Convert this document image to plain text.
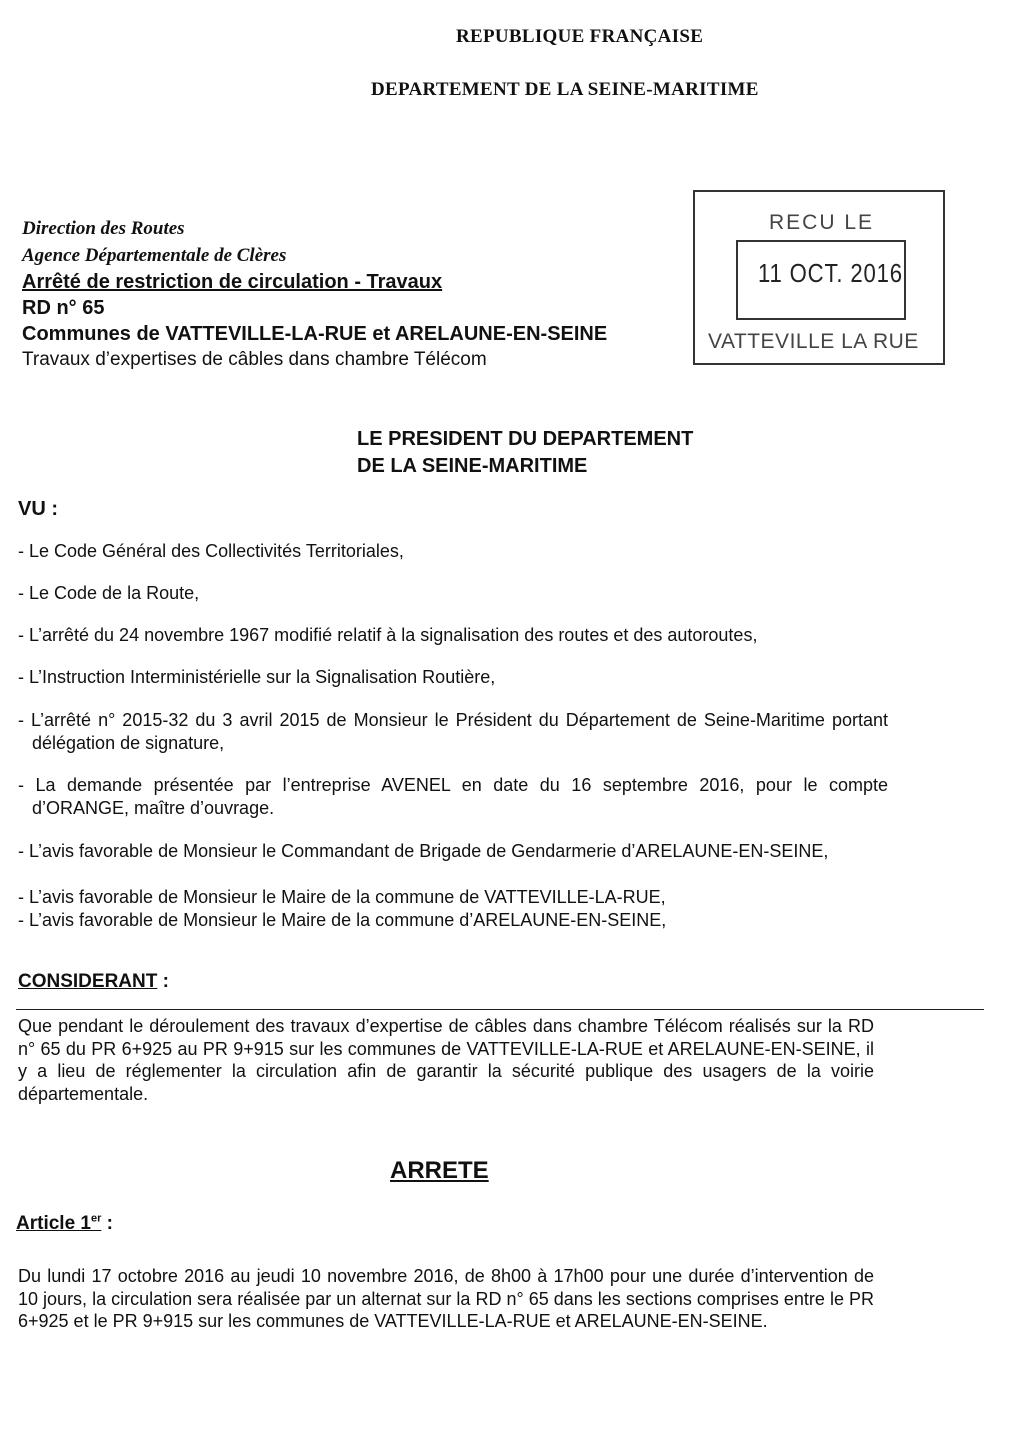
REPUBLIQUE FRANÇAISE
DEPARTEMENT DE LA SEINE-MARITIME
Direction des Routes
Agence Départementale de Clères
Arrêté de restriction de circulation - Travaux
RD n° 65
Communes de VATTEVILLE-LA-RUE et ARELAUNE-EN-SEINE
Travaux d’expertises de câbles dans chambre Télécom
RECU LE
11 OCT. 2016
VATTEVILLE LA RUE
LE PRESIDENT DU DEPARTEMENT
DE LA SEINE-MARITIME
VU :
- Le Code Général des Collectivités Territoriales,
- Le Code de la Route,
- L’arrêté du 24 novembre 1967 modifié relatif à la signalisation des routes et des autoroutes,
- L’Instruction Interministérielle sur la Signalisation Routière,
- L’arrêté n° 2015-32 du 3 avril 2015 de Monsieur le Président du Département de Seine-Maritime portant délégation de signature,
- La demande présentée par l’entreprise AVENEL en date du 16 septembre 2016, pour le compte d’ORANGE, maître d’ouvrage.
- L’avis favorable de Monsieur le Commandant de Brigade de Gendarmerie d’ARELAUNE-EN-SEINE,
- L’avis favorable de Monsieur le Maire de la commune de VATTEVILLE-LA-RUE,
- L’avis favorable de Monsieur le Maire de la commune d’ARELAUNE-EN-SEINE,
CONSIDERANT :
Que pendant le déroulement des travaux d’expertise de câbles dans chambre Télécom réalisés sur la RD n° 65 du PR 6+925 au PR 9+915 sur les communes de VATTEVILLE-LA-RUE et ARELAUNE-EN-SEINE, il y a lieu de réglementer la circulation afin de garantir la sécurité publique des usagers de la voirie départementale.
ARRETE
Article 1er :
Du lundi 17 octobre 2016 au jeudi 10 novembre 2016, de 8h00 à 17h00 pour une durée d’intervention de 10 jours, la circulation sera réalisée par un alternat sur la RD n° 65 dans les sections comprises entre le PR 6+925 et le PR 9+915 sur les communes de VATTEVILLE-LA-RUE et ARELAUNE-EN-SEINE.
